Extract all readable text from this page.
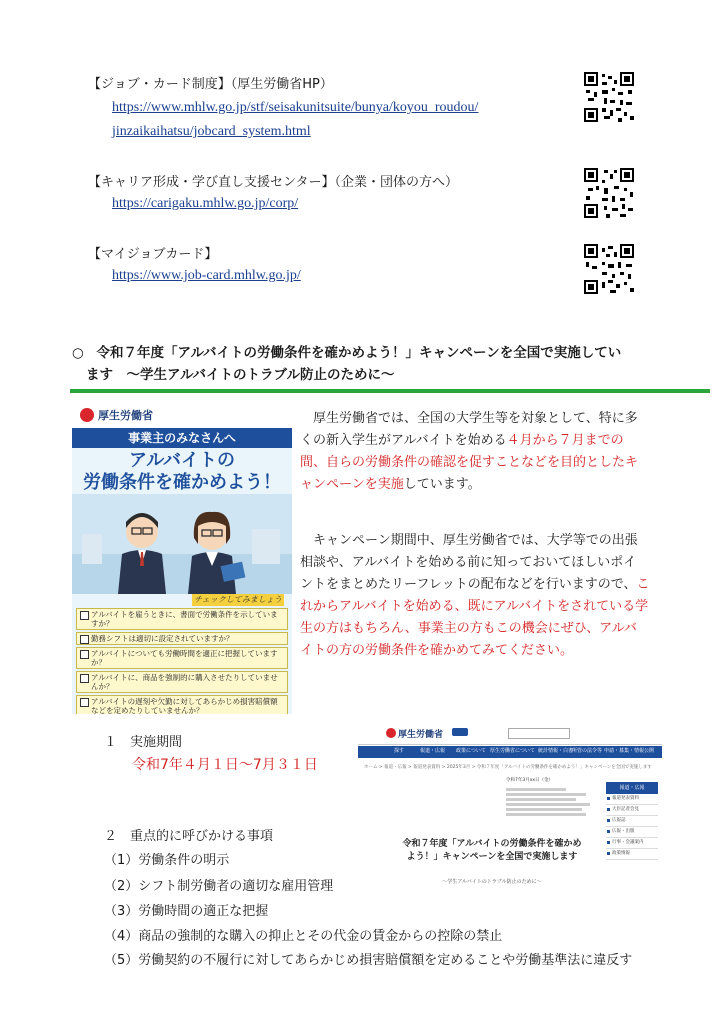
【ジョブ・カード制度】（厚生労働省HP）
https://www.mhlw.go.jp/stf/seisakunitsuite/bunya/koyou_roudou/
jinzaikaihatsu/jobcard_system.html
【キャリア形成・学び直し支援センター】（企業・団体の方へ）
https://carigaku.mhlw.go.jp/corp/
【マイジョブカード】
https://www.job-card.mhlw.go.jp/
○ 令和７年度「アルバイトの労働条件を確かめよう！」キャンペーンを全国で実施してい
ます　～学生アルバイトのトラブル防止のために～
厚生労働省
事業主のみなさんへ
アルバイトの
労働条件を確かめよう！
チェックしてみましょう
アルバイトを雇うときに、書面で労働条件を示していますか？
勤務シフトは適切に設定されていますか？
アルバイトについても労働時間を適正に把握していますか？
アルバイトに、商品を強制的に購入させたりしていませんか？
アルバイトの遅刻や欠勤に対してあらかじめ損害賠償額などを定めたりしていませんか？
　厚生労働省では、全国の大学生等を対象として、特に多
くの新入学生がアルバイトを始める４月から７月までの
間、自らの労働条件の確認を促すことなどを目的としたキ
ャンペーンを実施しています。
　キャンペーン期間中、厚生労働省では、大学等での出張
相談や、アルバイトを始める前に知っておいてほしいポイ
ントをまとめたリーフレットの配布などを行いますので、こ
れからアルバイトを始める、既にアルバイトをされている学
生の方はもちろん、事業主の方もこの機会にぜひ、アルバ
イトの方の労働条件を確かめてみてください。
１　実施期間
令和7年４月１日～7月３１日
厚生労働省
探す	報道・広報 政策について 厚生労働省について 統計情報・白書
所管の法令等 申請・募集・情報公開
ホーム > 報道・広報 > 報道発表資料 > 2025年3月 > 令和７年度「アルバイトの労働条件を確かめよう！」キャンペーンを全国で実施します
令和7年3月xx日（金）
令和７年度「アルバイトの労働条件を確かめ
よう！」キャンペーンを全国で実施します
～学生アルバイトのトラブル防止のために～
報道・広報
報道発表資料
大臣記者会見
広報誌
広報・出版
行事・会議案内
政策情報
２　重点的に呼びかける事項
（1）労働条件の明示
（2）シフト制労働者の適切な雇用管理
（3）労働時間の適正な把握
（4）商品の強制的な購入の抑止とその代金の賃金からの控除の禁止
（5）労働契約の不履行に対してあらかじめ損害賠償額を定めることや労働基準法に違反す
